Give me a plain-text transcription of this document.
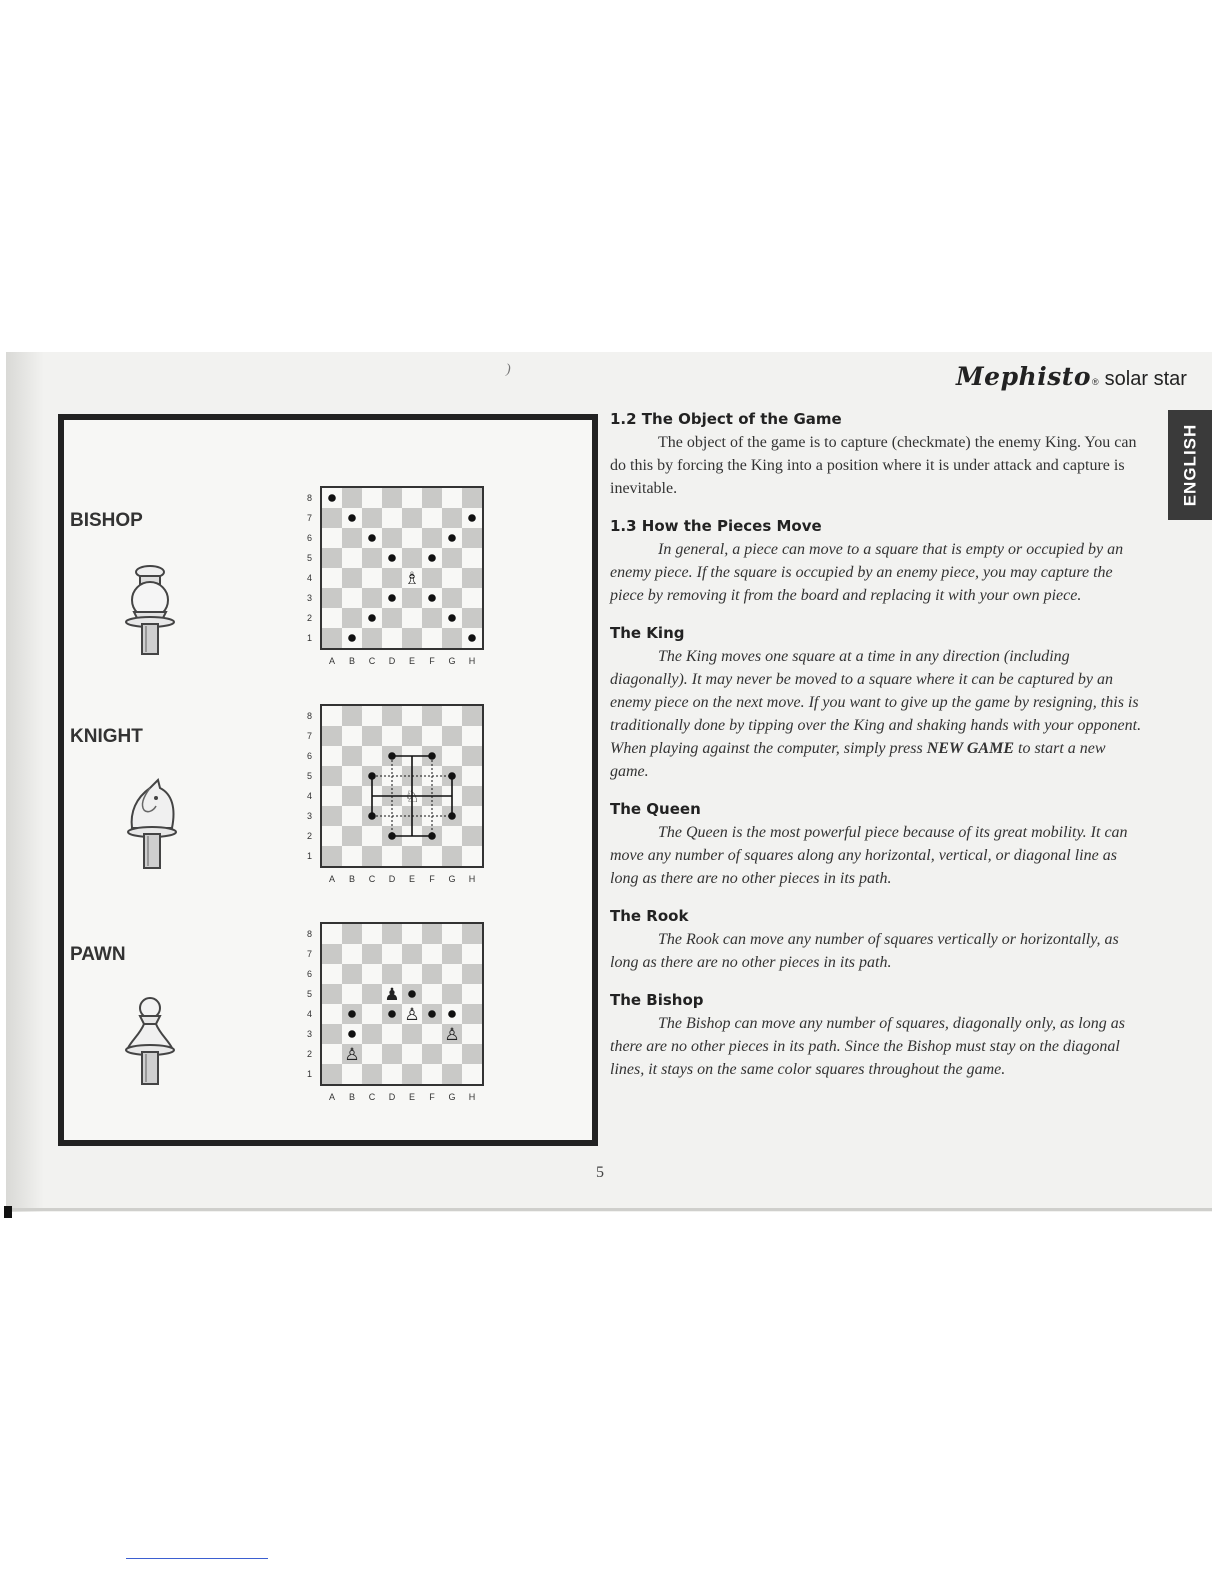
)	Mephisto ® solar star
ENGLISH
BISHOP
8
7
6
5
4
3
2
1
♗
A	B	C	D	E	F	G	H
KNIGHT
8
7
6
5
4
3
2
1
♘
A	B	C	D	E	F	G	H
PAWN
8
7
6
5
4
3
2
1
♟
♙
♙
♙
A	B	C	D	E	F	G	H
1.2 The Object of the Game

The object of the game is to capture (checkmate) the enemy King. You can do this by forcing the King into a position where it is under attack and capture is inevitable.

1.3 How the Pieces Move

In general, a piece can move to a square that is empty or occupied by an enemy piece. If the square is occupied by an enemy piece, you may capture the piece by removing it from the board and replacing it with your own piece.

The King

The King moves one square at a time in any direction (including diagonally). It may never be moved to a square where it can be captured by an enemy piece on the next move. If you want to give up the game by resigning, this is traditionally done by tipping over the King and shaking hands with your opponent. When playing against the computer, simply press NEW GAME to start a new game.

The Queen

The Queen is the most powerful piece because of its great mobility. It can move any number of squares along any horizontal, vertical, or diagonal line as long as there are no other pieces in its path.

The Rook

The Rook can move any number of squares vertically or horizontally, as long as there are no other pieces in its path.

The Bishop

The Bishop can move any number of squares, diagonally only, as long as there are no other pieces in its path. Since the Bishop must stay on the diagonal lines, it stays on the same color squares throughout the game.

5
